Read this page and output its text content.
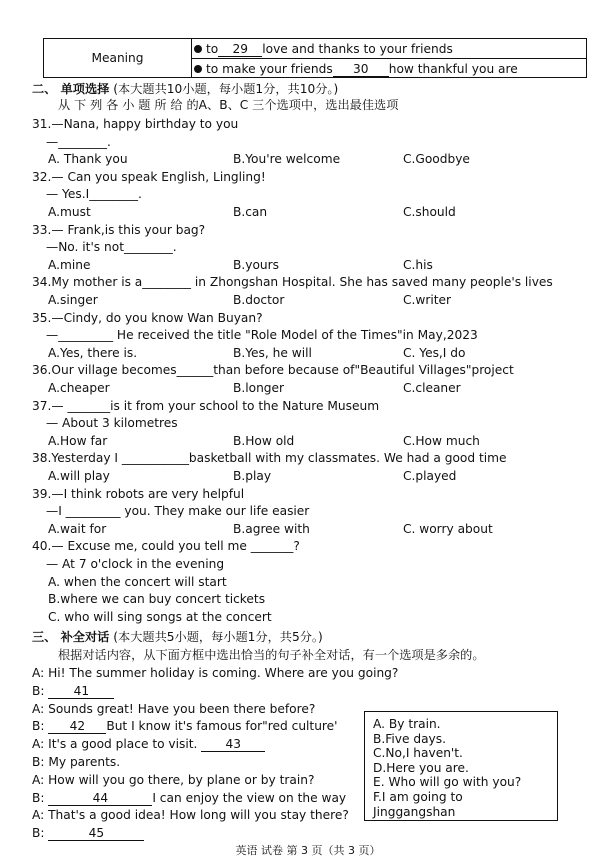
Meaning
to 29 love and thanks to your friends
to make your friends 30 how thankful you are
二、 单项选择 (本大题共10小题，每小题1分，共10分。)
从 下 列 各 小 题 所 给 的A、B、C 三个选项中，选出最佳选项
31.—Nana, happy birthday to you
—________.
A. Thank you	B.You're welcome	C.Goodbye
32.— Can you speak English, Lingling!
— Yes.I________.
A.must	B.can	C.should
33.— Frank,is this your bag?
—No. it's not________.
A.mine	B.yours	C.his
34.My mother is a________ in Zhongshan Hospital. She has saved many people's lives
A.singer	B.doctor	C.writer
35.—Cindy, do you know Wan Buyan?
—_________ He received the title "Role Model of the Times"in May,2023
A.Yes, there is.	B.Yes, he will	C. Yes,I do
36.Our village becomes______than before because of"Beautiful Villages"project
A.cheaper	B.longer	C.cleaner
37.— _______is it from your school to the Nature Museum
— About 3 kilometres
A.How far	B.How old	C.How much
38.Yesterday I ___________basketball with my classmates. We had a good time
A.will play	B.play	C.played
39.—I think robots are very helpful
—I _________ you. They make our life easier
A.wait for	B.agree with	C. worry about
40.— Excuse me, could you tell me _______?
— At 7 o'clock in the evening
A. when the concert will start
B.where we can buy concert tickets
C. who will sing songs at the concert
三、 补全对话 (本大题共5小题，每小题1分，共5分。)
根据对话内容，从下面方框中选出恰当的句子补全对话，有一个选项是多余的。
A: Hi! The summer holiday is coming. Where are you going?
B: 41
A: Sounds great! Have you been there before?
B: 42 But I know it's famous for"red culture'
A: It's a good place to visit. 43
B: My parents.
A: How will you go there, by plane or by train?
B:	44	I can enjoy the view on the way
A: That's a good idea! How long will you stay there?
B:	45
A. By train.
B.Five days.
C.No,I haven't.
D.Here you are.
E. Who will go with you?
F.I am going to
Jinggangshan
英语 试卷 第 3 页（共 3 页）
